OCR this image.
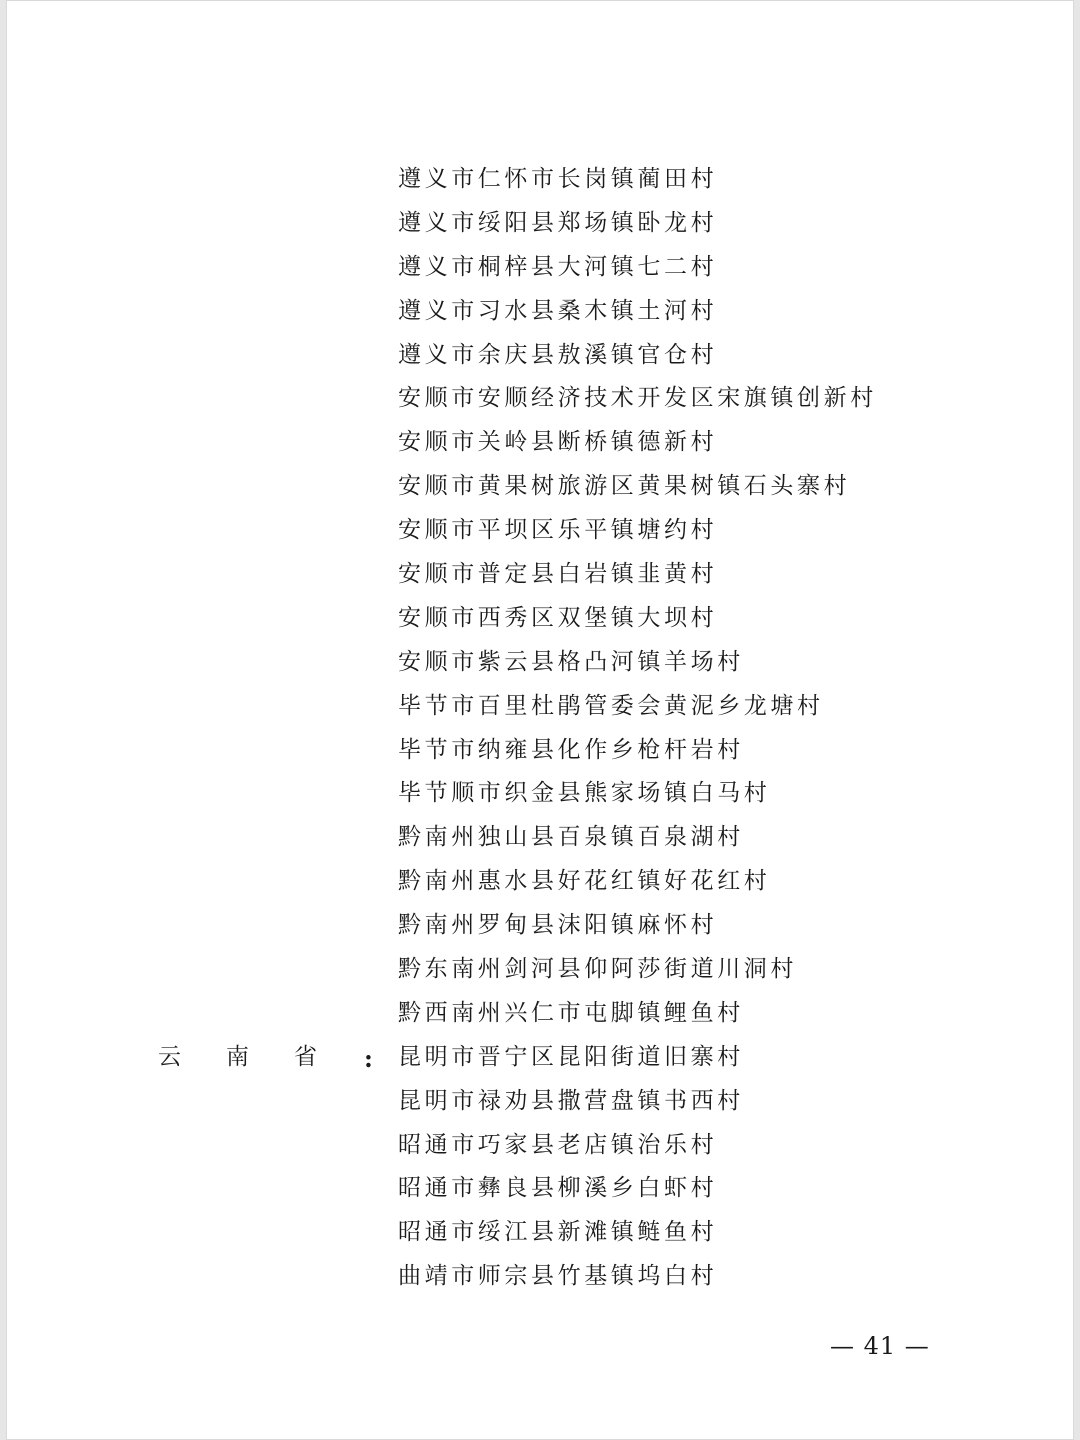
遵义市仁怀市长岗镇蔺田村
遵义市绥阳县郑场镇卧龙村
遵义市桐梓县大河镇七二村
遵义市习水县桑木镇土河村
遵义市余庆县敖溪镇官仓村
安顺市安顺经济技术开发区宋旗镇创新村
安顺市关岭县断桥镇德新村
安顺市黄果树旅游区黄果树镇石头寨村
安顺市平坝区乐平镇塘约村
安顺市普定县白岩镇韭黄村
安顺市西秀区双堡镇大坝村
安顺市紫云县格凸河镇羊场村
毕节市百里杜鹃管委会黄泥乡龙塘村
毕节市纳雍县化作乡枪杆岩村
毕节顺市织金县熊家场镇白马村
黔南州独山县百泉镇百泉湖村
黔南州惠水县好花红镇好花红村
黔南州罗甸县沫阳镇麻怀村
黔东南州剑河县仰阿莎街道川洞村
黔西南州兴仁市屯脚镇鲤鱼村
昆明市晋宁区昆阳街道旧寨村
昆明市禄劝县撒营盘镇书西村
昭通市巧家县老店镇治乐村
昭通市彝良县柳溪乡白虾村
昭通市绥江县新滩镇鲢鱼村
曲靖市师宗县竹基镇坞白村
云南省 :
— 41 —
